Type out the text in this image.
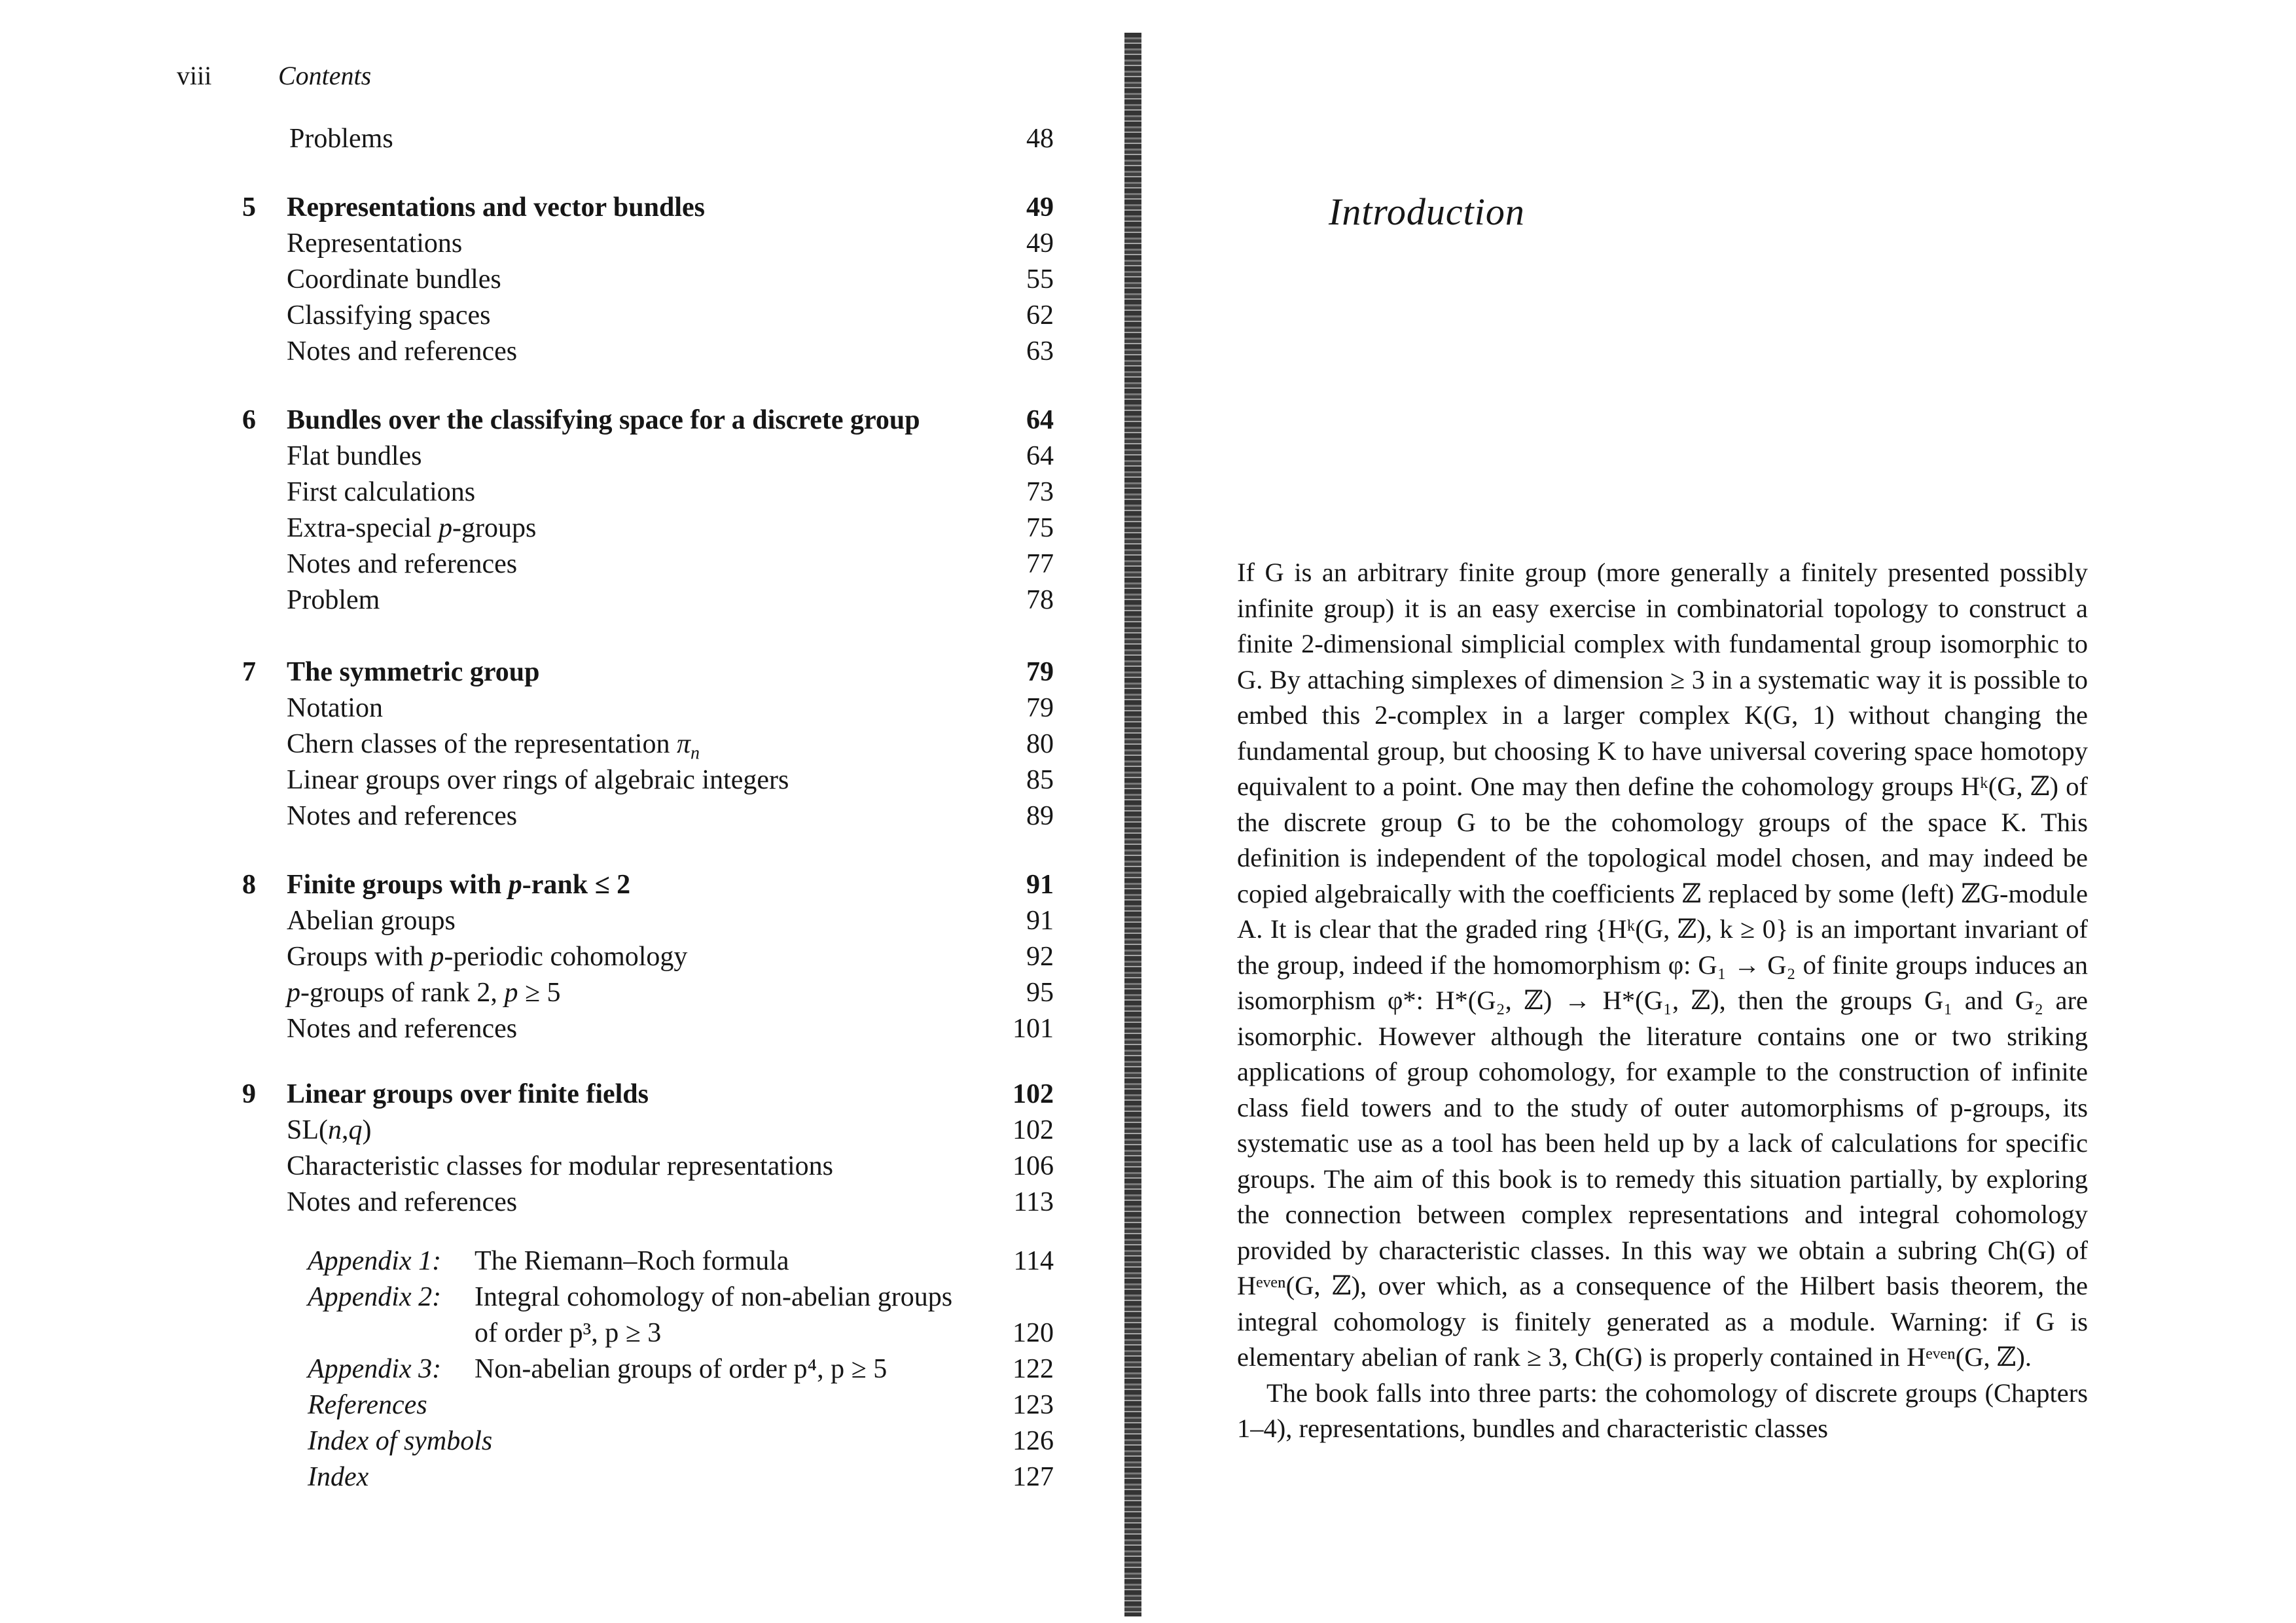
viii	Contents
Problems	48
5 Representations and vector bundles	49
Representations	49
Coordinate bundles	55
Classifying spaces	62
Notes and references	63
6 Bundles over the classifying space for a discrete group	64
Flat bundles	64
First calculations	73
Extra-special p-groups	75
Notes and references	77
Problem	78
7 The symmetric group	79
Notation	79
Chern classes of the representation $\pi_n$	80
Linear groups over rings of algebraic integers	85
Notes and references	89
8 Finite groups with p-rank ≤ 2	91
Abelian groups	91
Groups with p-periodic cohomology	92
p-groups of rank 2, p ≥ 5	95
Notes and references	101
9 Linear groups over finite fields	102
SL(n,q)	102
Characteristic classes for modular representations	106
Notes and references	113
Appendix 1: The Riemann–Roch formula	114
Appendix 2: Integral cohomology of non-abelian groups
of order p³, p ≥ 3	120
Appendix 3: Non-abelian groups of order p⁴, p ≥ 5	122
References	123
Index of symbols	126
Index	127
Introduction

If G is an arbitrary finite group (more generally a finitely presented possibly infinite group) it is an easy exercise in combinatorial topology to construct a finite 2-dimensional simplicial complex with fundamental group isomorphic to G. By attaching simplexes of dimension ≥ 3 in a systematic way it is possible to embed this 2-complex in a larger complex K(G, 1) without changing the fundamental group, but choosing K to have universal covering space homotopy equivalent to a point. One may then define the cohomology groups Hᵏ(G, ℤ) of the discrete group G to be the cohomology groups of the space K. This definition is independent of the topological model chosen, and may indeed be copied algebraically with the coefficients ℤ replaced by some (left) ℤG-module A. It is clear that the graded ring {Hᵏ(G, ℤ), k ≥ 0} is an important invariant of the group, indeed if the homomorphism φ: G₁ → G₂ of finite groups induces an isomorphism φ*: H*(G₂, ℤ) → H*(G₁, ℤ), then the groups G₁ and G₂ are isomorphic. However although the literature contains one or two striking applications of group cohomology, for example to the construction of infinite class field towers and to the study of outer automorphisms of p-groups, its systematic use as a tool has been held up by a lack of calculations for specific groups. The aim of this book is to remedy this situation partially, by exploring the connection between complex representations and integral cohomology provided by characteristic classes. In this way we obtain a subring Ch(G) of Hᵉᵛᵉⁿ(G, ℤ), over which, as a consequence of the Hilbert basis theorem, the integral cohomology is finitely generated as a module. Warning: if G is elementary abelian of rank ≥ 3, Ch(G) is properly contained in Hᵉᵛᵉⁿ(G, ℤ).

The book falls into three parts: the cohomology of discrete groups (Chapters 1–4), representations, bundles and characteristic classes
